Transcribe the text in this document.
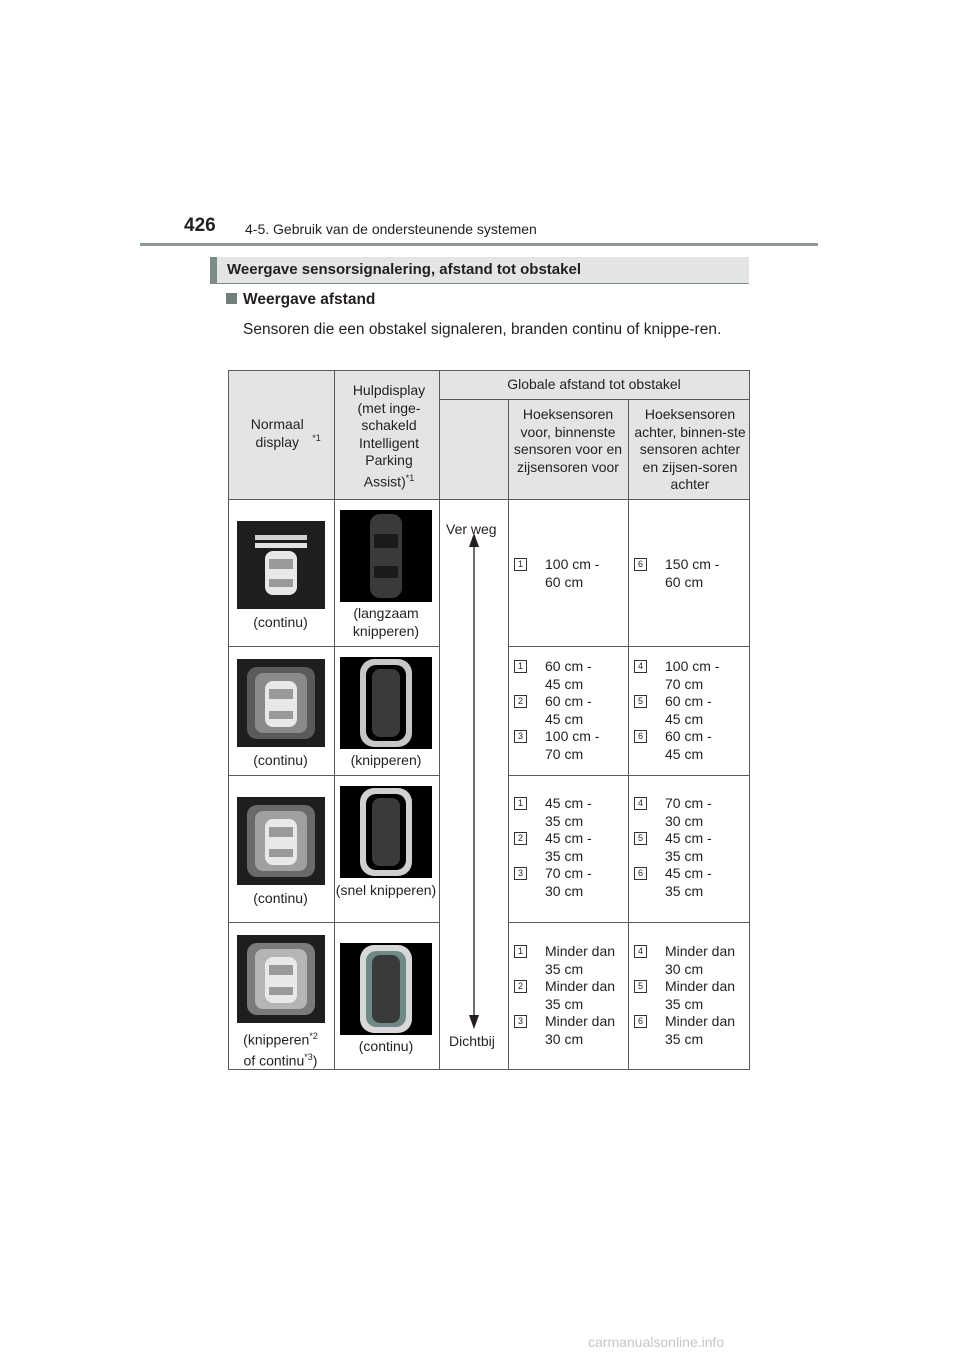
426 4-5. Gebruik van de ondersteunende systemen
Weergave sensorsignalering, afstand tot obstakel
Weergave afstand
Sensoren die een obstakel signaleren, branden continu of knippe-ren.
Normaal display $^{*1}$
Hulpdisplay (met inge-schakeld Intelligent Parking Assist)$^{*1}$
Globale afstand tot obstakel
Hoeksensoren voor, binnenste sensoren voor en zijsensoren voor
Hoeksensoren achter, binnen-ste sensoren achter en zijsen-soren achter
Ver weg
Dichtbij
(continu)
(langzaam knipperen)
1 100 cm -
60 cm
6 150 cm -
60 cm
(continu)	(knipperen)
1 60 cm -
45 cm
2 60 cm -
45 cm
3 100 cm -
70 cm
4 100 cm -
70 cm
5 60 cm -
45 cm
6 60 cm -
45 cm
(continu)	(snel knipperen)
1 45 cm -
35 cm
2 45 cm -
35 cm
3 70 cm -
30 cm
4 70 cm -
30 cm
5 45 cm -
35 cm
6 45 cm -
35 cm
(knipperen$^{*2}$
of continu$^{*3}$)
(continu)
1 Minder dan
35 cm
2 Minder dan
35 cm
3 Minder dan
30 cm
4 Minder dan
30 cm
5 Minder dan
35 cm
6 Minder dan
35 cm
carmanualsonline.info
